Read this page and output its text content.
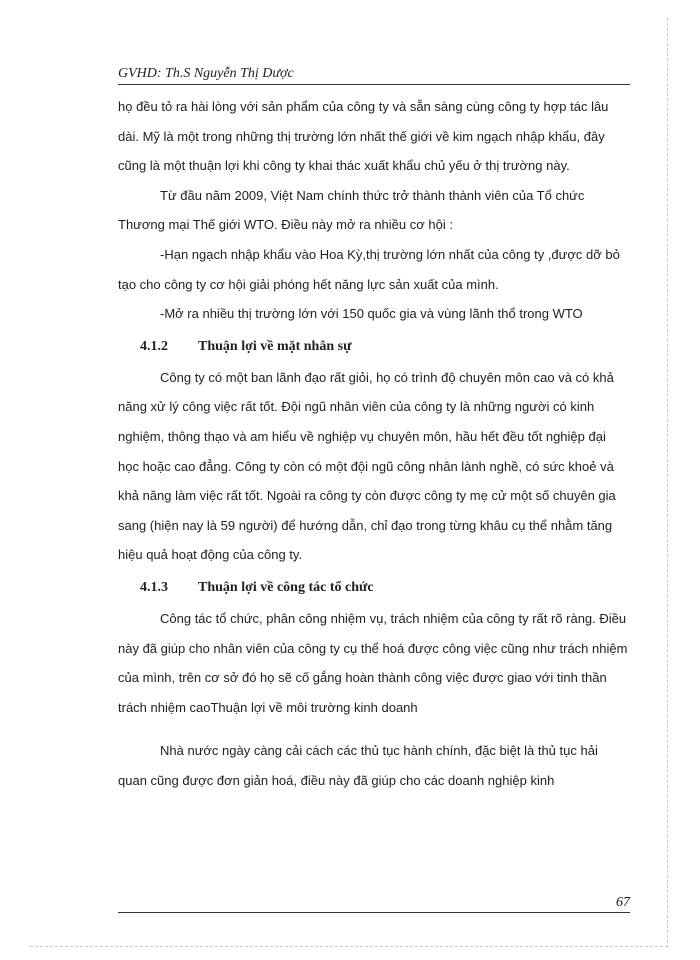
GVHD: Th.S Nguyễn Thị Dược

họ đều tỏ ra hài lòng với sản phẩm của công ty và sẵn sàng cùng công ty hợp tác lâu dài. Mỹ là một trong những thị trường lớn nhất thế giới về kim ngạch nhập khẩu, đây cũng là một thuận lợi khi công ty khai thác xuất khẩu chủ yếu ở thị trường này.

Từ đầu năm 2009, Việt Nam chính thức trở thành thành viên của Tổ chức Thương mại Thế giới WTO. Điều này mở ra nhiều cơ hội :

-Hạn ngạch nhập khẩu vào Hoa Kỳ,thị trường lớn nhất của công ty ,được dỡ bỏ tạo cho công ty cơ hội giải phóng hết năng lực sản xuất của mình.

-Mở ra nhiều thị trường lớn với 150 quốc gia và vùng lãnh thổ trong WTO

4.1.2 Thuận lợi về mặt nhân sự

Công ty có một ban lãnh đạo rất giỏi, họ có trình độ chuyên môn cao và có khả năng xử lý công việc rất tốt. Đội ngũ nhân viên của công ty là những người có kinh nghiệm, thông thạo và am hiểu về nghiệp vụ chuyên môn, hầu hết đều tốt nghiệp đại học hoặc cao đẳng. Công ty còn có một đội ngũ công nhân lành nghề, có sức khoẻ và khả năng làm việc rất tốt. Ngoài ra công ty còn được công ty mẹ cử một số chuyên gia sang (hiện nay là 59 người) để hướng dẫn, chỉ đạo trong từng khâu cụ thể nhằm tăng hiệu quả hoạt động của công ty.

4.1.3 Thuận lợi về công tác tổ chức

Công tác tổ chức, phân công nhiệm vụ, trách nhiệm của công ty rất rõ ràng. Điều này đã giúp cho nhân viên của công ty cụ thể hoá được công việc cũng như trách nhiệm của mình, trên cơ sở đó họ sẽ cố gắng hoàn thành công việc được giao với tinh thần trách nhiệm caoThuận lợi về môi trường kinh doanh

Nhà nước ngày càng cải cách các thủ tục hành chính, đặc biệt là thủ tục hải quan cũng được đơn giản hoá, điều này đã giúp cho các doanh nghiệp kinh

67
